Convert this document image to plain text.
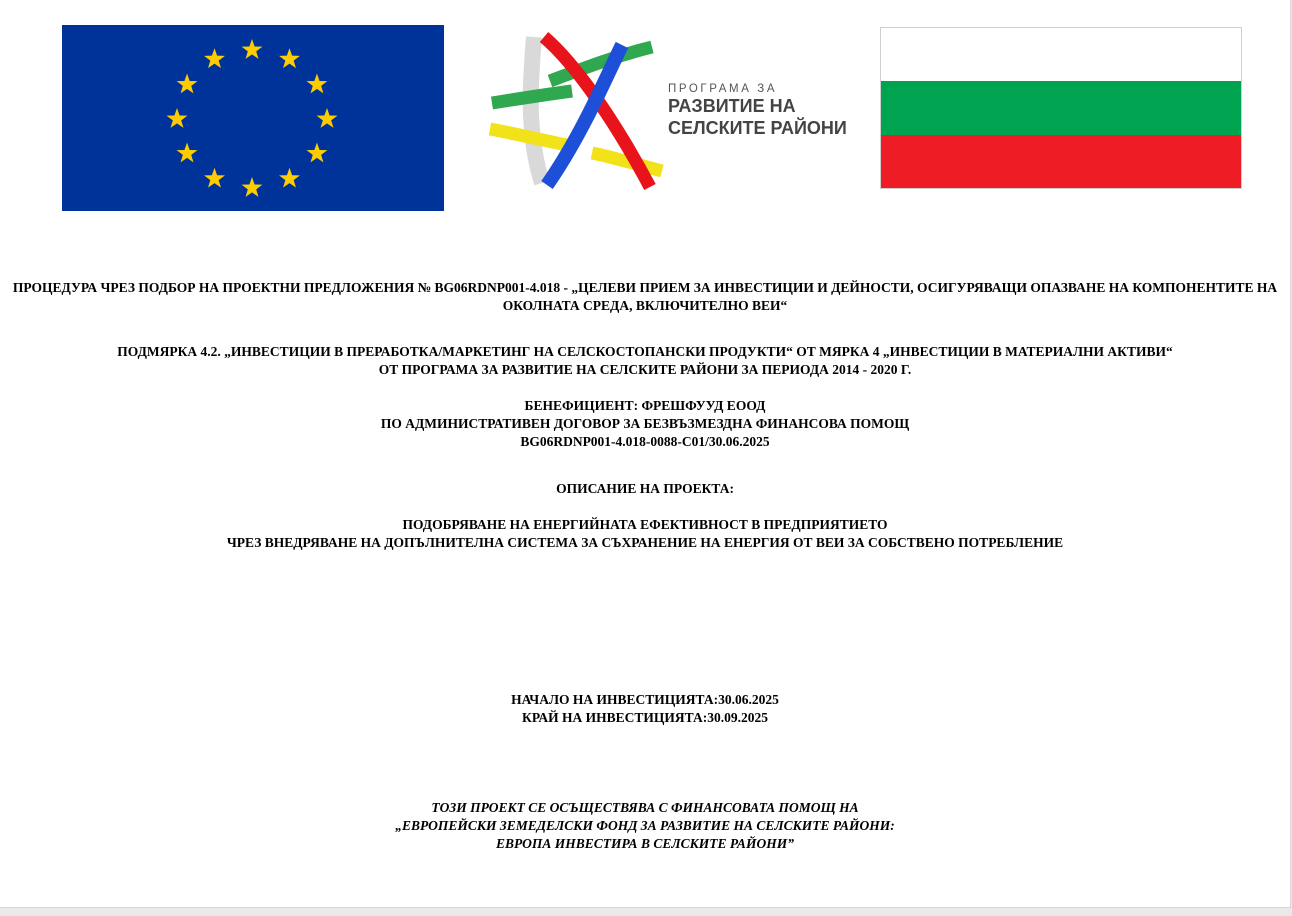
ПРОГРАМА ЗА
РАЗВИТИЕ НА
СЕЛСКИТЕ РАЙОНИ

ПРОЦЕДУРА ЧРЕЗ ПОДБОР НА ПРОЕКТНИ ПРЕДЛОЖЕНИЯ № BG06RDNP001-4.018 - „ЦЕЛЕВИ ПРИЕМ ЗА ИНВЕСТИЦИИ И ДЕЙНОСТИ, ОСИГУРЯВАЩИ ОПАЗВАНЕ НА КОМПОНЕНТИТЕ НА ОКОЛНАТА СРЕДА, ВКЛЮЧИТЕЛНО ВЕИ“

ПОДМЯРКА 4.2. „ИНВЕСТИЦИИ В ПРЕРАБОТКА/МАРКЕТИНГ НА СЕЛСКОСТОПАНСКИ ПРОДУКТИ“ ОТ МЯРКА 4 „ИНВЕСТИЦИИ В МАТЕРИАЛНИ АКТИВИ“

ОТ ПРОГРАМА ЗА РАЗВИТИЕ НА СЕЛСКИТЕ РАЙОНИ ЗА ПЕРИОДА 2014 - 2020 Г.

БЕНЕФИЦИЕНТ: ФРЕШФУУД ЕООД

ПО АДМИНИСТРАТИВЕН ДОГОВОР ЗА БЕЗВЪЗМЕЗДНА ФИНАНСОВА ПОМОЩ

BG06RDNP001-4.018-0088-C01/30.06.2025

ОПИСАНИЕ НА ПРОЕКТА:

ПОДОБРЯВАНЕ НА ЕНЕРГИЙНАТА ЕФЕКТИВНОСТ В ПРЕДПРИЯТИЕТО

ЧРЕЗ ВНЕДРЯВАНЕ НА ДОПЪЛНИТЕЛНА СИСТЕМА ЗА СЪХРАНЕНИЕ НА ЕНЕРГИЯ ОТ ВЕИ ЗА СОБСТВЕНО ПОТРЕБЛЕНИЕ

НАЧАЛО НА ИНВЕСТИЦИЯТА:30.06.2025

КРАЙ НА ИНВЕСТИЦИЯТА:30.09.2025

ТОЗИ ПРОЕКТ СЕ ОСЪЩЕСТВЯВА С ФИНАНСОВАТА ПОМОЩ НА

„ЕВРОПЕЙСКИ ЗЕМЕДЕЛСКИ ФОНД ЗА РАЗВИТИЕ НА СЕЛСКИТЕ РАЙОНИ:

ЕВРОПА ИНВЕСТИРА В СЕЛСКИТЕ РАЙОНИ”
